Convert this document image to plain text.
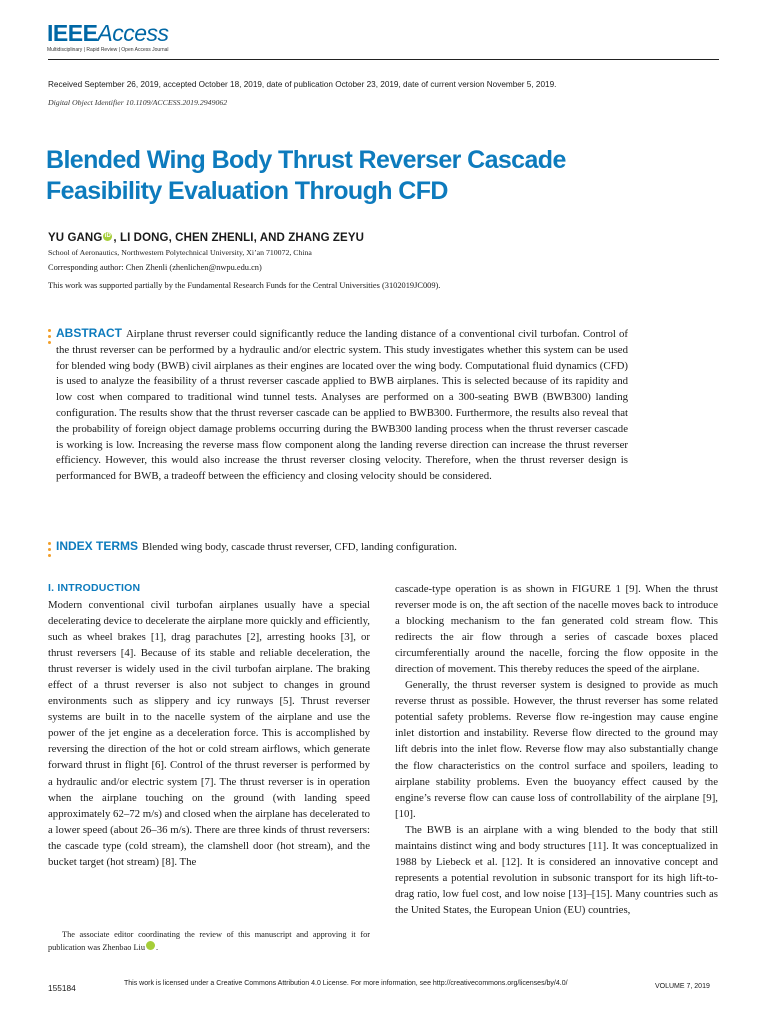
IEEEAccess
Multidisciplinary | Rapid Review | Open Access Journal
Received September 26, 2019, accepted October 18, 2019, date of publication October 23, 2019, date of current version November 5, 2019.
Digital Object Identifier 10.1109/ACCESS.2019.2949062
Blended Wing Body Thrust Reverser Cascade Feasibility Evaluation Through CFD
YU GANG iD , LI DONG, CHEN ZHENLI, AND ZHANG ZEYU
School of Aeronautics, Northwestern Polytechnical University, Xi’an 710072, China
Corresponding author: Chen Zhenli (zhenlichen@nwpu.edu.cn)
This work was supported partially by the Fundamental Research Funds for the Central Universities (3102019JC009).
ABSTRACT Airplane thrust reverser could significantly reduce the landing distance of a conventional civil turbofan. Control of the thrust reverser can be performed by a hydraulic and/or electric system. This study investigates whether this system can be used for blended wing body (BWB) civil airplanes as their engines are located over the wing body. Computational fluid dynamics (CFD) is used to analyze the feasibility of a thrust reverser cascade applied to BWB airplanes. This is selected because of its rapidity and low cost when compared to traditional wind tunnel tests. Analyses are performed on a 300-seating BWB (BWB300) landing configuration. The results show that the thrust reverser cascade can be applied to BWB300. Furthermore, the results also reveal that the probability of foreign object damage problems occurring during the BWB300 landing process when the thrust reverser cascade is working is low. Increasing the reverse mass flow component along the landing reverse direction can increase the thrust reverser efficiency. However, this would also increase the thrust reverser closing velocity. Therefore, when the thrust reverser design is performanced for BWB, a tradeoff between the efficiency and closing velocity should be considered.
INDEX TERMS Blended wing body, cascade thrust reverser, CFD, landing configuration.
I. INTRODUCTION

Modern conventional civil turbofan airplanes usually have a special decelerating device to decelerate the airplane more quickly and efficiently, such as wheel brakes [1], drag parachutes [2], arresting hooks [3], or thrust reversers [4]. Because of its stable and reliable deceleration, the thrust reverser is widely used in the civil turbofan airplane. The braking effect of a thrust reverser is also not subject to changes in ground environments such as slippery and icy runways [5]. Thrust reverser systems are built in to the nacelle system of the airplane and use the power of the jet engine as a deceleration force. This is accomplished by reversing the direction of the hot or cold stream airflows, which generate forward thrust in flight [6]. Control of the thrust reverser is performed by a hydraulic and/or electric system [7]. The thrust reverser is in operation when the airplane touching on the ground (with landing speed approximately 62–72 m/s) and closed when the airplane has decelerated to a lower speed (about 26–36 m/s). There are three kinds of thrust reversers: the cascade type (cold stream), the clamshell door (hot stream), and the bucket target (hot stream) [8]. The

cascade-type operation is as shown in FIGURE 1 [9]. When the thrust reverser mode is on, the aft section of the nacelle moves back to introduce a blocking mechanism to the fan generated cold stream flow. This redirects the air flow through a series of cascade boxes placed circumferentially around the nacelle, forcing the flow opposite in the direction of movement. This thereby reduces the speed of the airplane.

Generally, the thrust reverser system is designed to provide as much reverse thrust as possible. However, the thrust reverser has some related potential safety problems. Reverse flow re-ingestion may cause engine inlet distortion and instability. Reverse flow directed to the ground may lift debris into the inlet flow. Reverse flow may also substantially change the flow characteristics on the control surface and spoilers, leading to airplane stability problems. Even the buoyancy effect caused by the engine’s reverse flow can cause loss of controllability of the airplane [9], [10].

The BWB is an airplane with a wing blended to the body that still maintains distinct wing and body structures [11]. It was conceptualized in 1988 by Liebeck et al. [12]. It is considered an innovative concept and represents a potential revolution in subsonic transport for its high lift-to-drag ratio, low fuel cost, and low noise [13]–[15]. Many countries such as the United States, the European Union (EU) countries,

The associate editor coordinating the review of this manuscript and approving it for publication was Zhenbao Liu	iD.
155184	This work is licensed under a Creative Commons Attribution 4.0 License. For more information, see http://creativecommons.org/licenses/by/4.0/	VOLUME 7, 2019
